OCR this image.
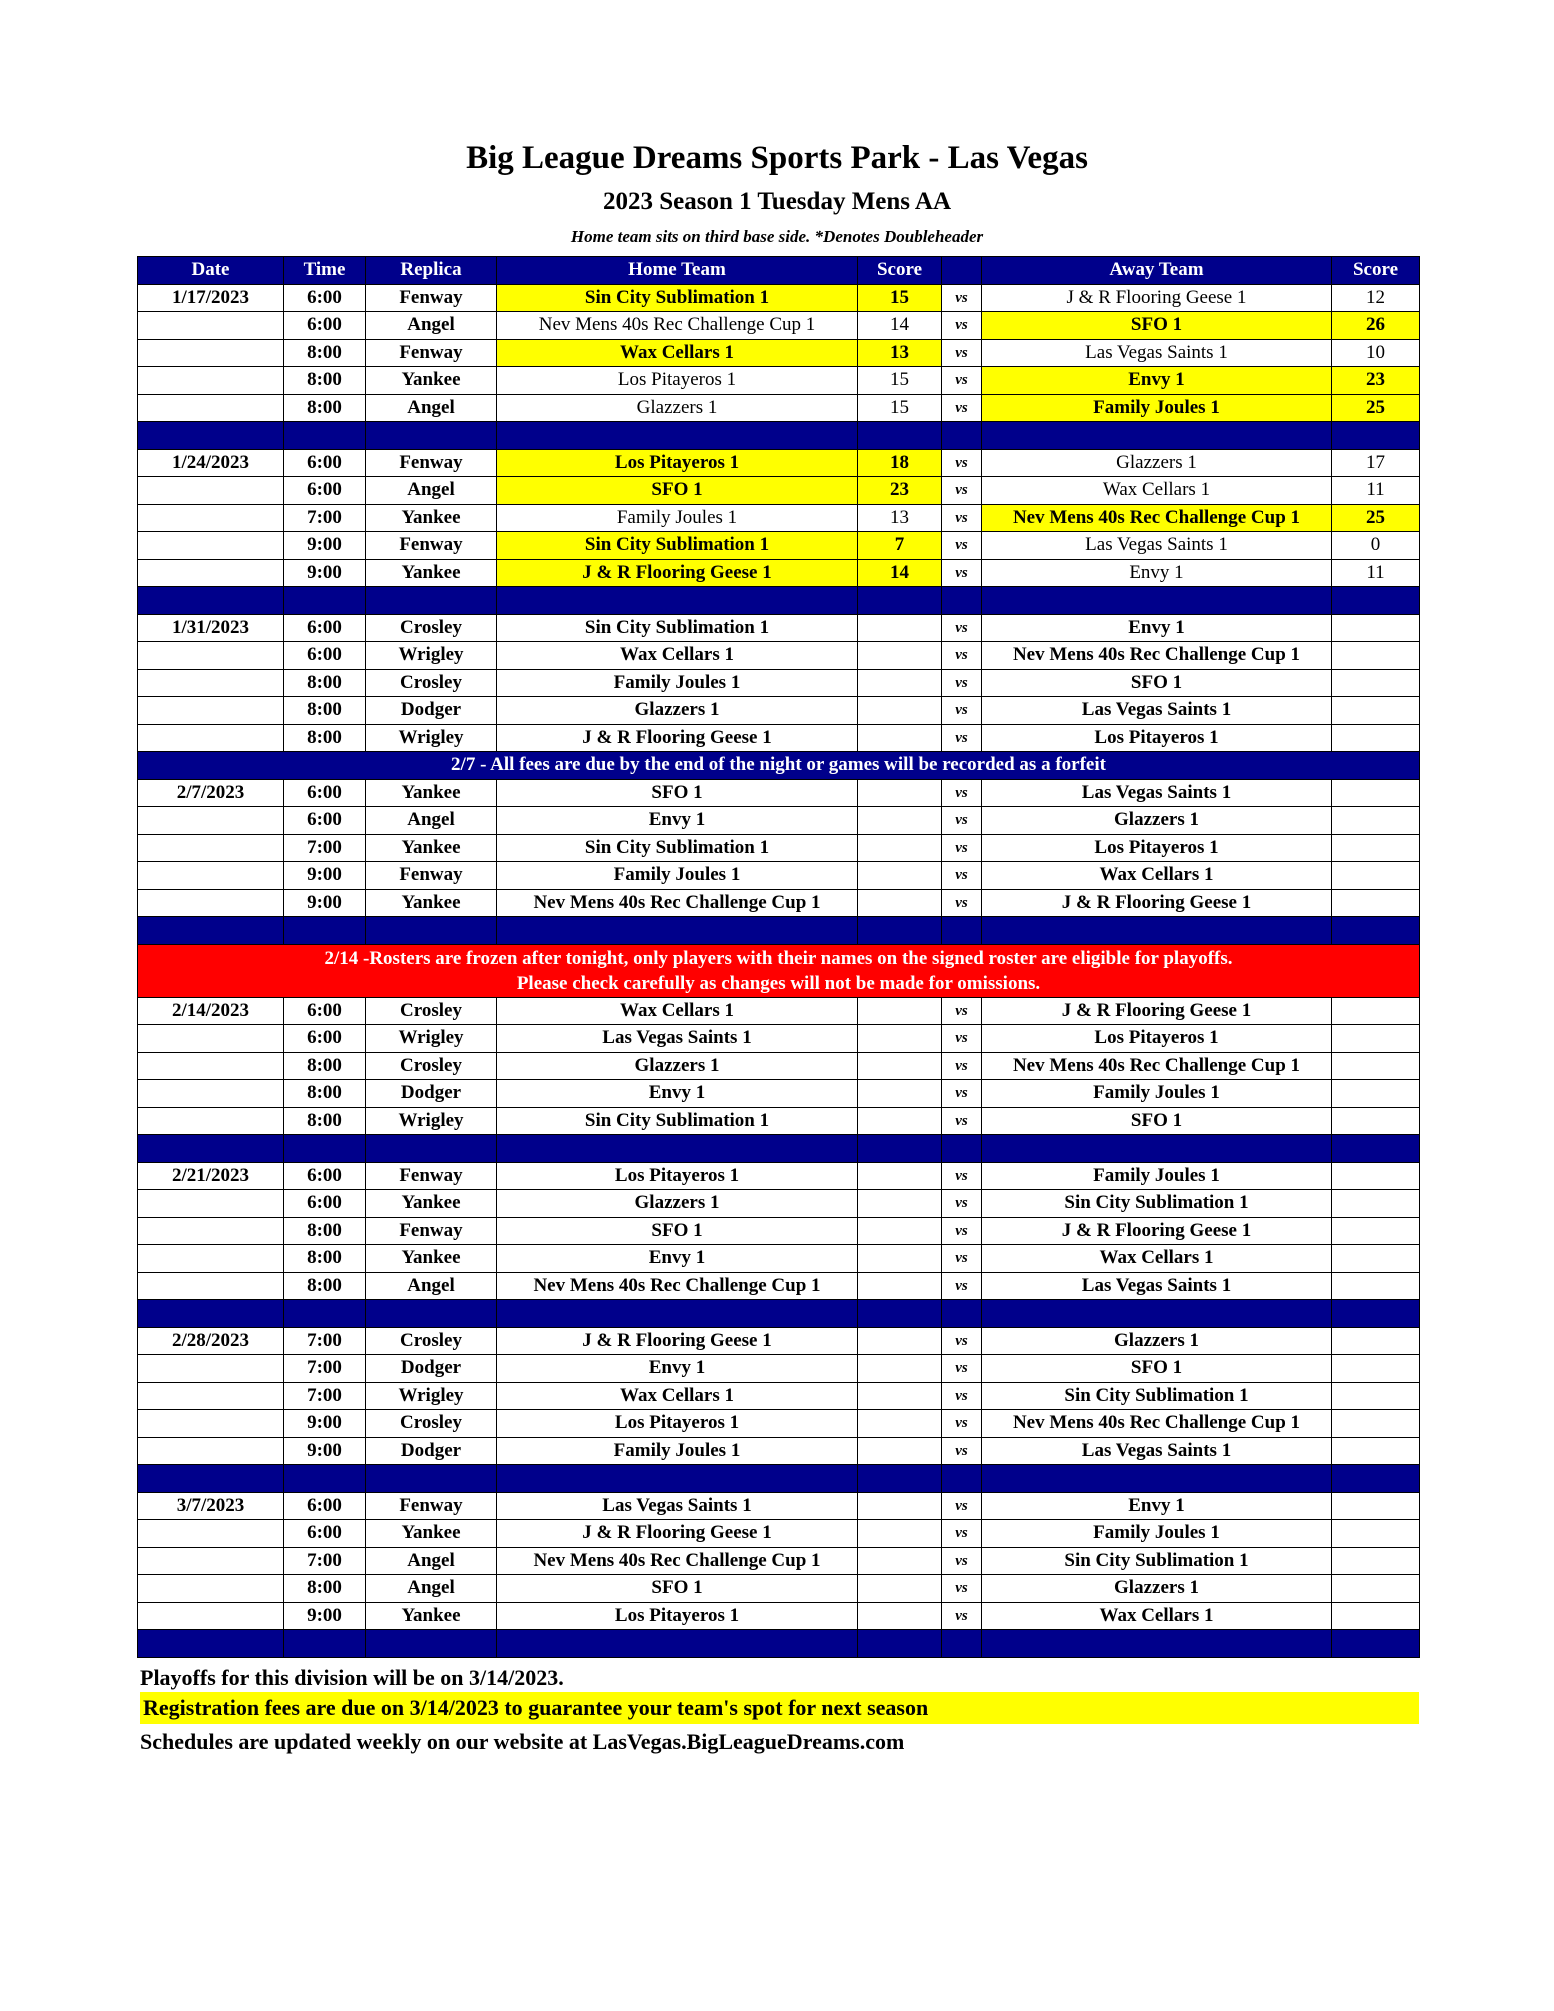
Big League Dreams Sports Park - Las Vegas
2023 Season 1 Tuesday Mens AA
Home team sits on third base side. *Denotes Doubleheader
Date	Time	Replica	Home Team	Score		Away Team	Score
1/17/2023	6:00	Fenway	Sin City Sublimation 1	15	vs	J & R Flooring Geese 1	12
	6:00	Angel	Nev Mens 40s Rec Challenge Cup 1	14	vs	SFO 1	26
	8:00	Fenway	Wax Cellars 1	13	vs	Las Vegas Saints 1	10
	8:00	Yankee	Los Pitayeros 1	15	vs	Envy 1	23
	8:00	Angel	Glazzers 1	15	vs	Family Joules 1	25

1/24/2023	6:00	Fenway	Los Pitayeros 1	18	vs	Glazzers 1	17
	6:00	Angel	SFO 1	23	vs	Wax Cellars 1	11
	7:00	Yankee	Family Joules 1	13	vs	Nev Mens 40s Rec Challenge Cup 1	25
	9:00	Fenway	Sin City Sublimation 1	7	vs	Las Vegas Saints 1	0
	9:00	Yankee	J & R Flooring Geese 1	14	vs	Envy 1	11

1/31/2023	6:00	Crosley	Sin City Sublimation 1		vs	Envy 1	
	6:00	Wrigley	Wax Cellars 1		vs	Nev Mens 40s Rec Challenge Cup 1	
	8:00	Crosley	Family Joules 1		vs	SFO 1	
	8:00	Dodger	Glazzers 1		vs	Las Vegas Saints 1	
	8:00	Wrigley	J & R Flooring Geese 1		vs	Los Pitayeros 1	

2/7 - All fees are due by the end of the night or games will be recorded as a forfeit							

2/7/2023	6:00	Yankee	SFO 1		vs	Las Vegas Saints 1	
	6:00	Angel	Envy 1		vs	Glazzers 1	
	7:00	Yankee	Sin City Sublimation 1		vs	Los Pitayeros 1	
	9:00	Fenway	Family Joules 1		vs	Wax Cellars 1	
	9:00	Yankee	Nev Mens 40s Rec Challenge Cup 1		vs	J & R Flooring Geese 1	

2/14 -Rosters are frozen after tonight, only players with their names on the signed roster are eligible for playoffs.
Please check carefully as changes will not be made for omissions.							

2/14/2023	6:00	Crosley	Wax Cellars 1		vs	J & R Flooring Geese 1	
	6:00	Wrigley	Las Vegas Saints 1		vs	Los Pitayeros 1	
	8:00	Crosley	Glazzers 1		vs	Nev Mens 40s Rec Challenge Cup 1	
	8:00	Dodger	Envy 1		vs	Family Joules 1	
	8:00	Wrigley	Sin City Sublimation 1		vs	SFO 1	

2/21/2023	6:00	Fenway	Los Pitayeros 1		vs	Family Joules 1	
	6:00	Yankee	Glazzers 1		vs	Sin City Sublimation 1	
	8:00	Fenway	SFO 1		vs	J & R Flooring Geese 1	
	8:00	Yankee	Envy 1		vs	Wax Cellars 1	
	8:00	Angel	Nev Mens 40s Rec Challenge Cup 1		vs	Las Vegas Saints 1	

2/28/2023	7:00	Crosley	J & R Flooring Geese 1		vs	Glazzers 1	
	7:00	Dodger	Envy 1		vs	SFO 1	
	7:00	Wrigley	Wax Cellars 1		vs	Sin City Sublimation 1	
	9:00	Crosley	Los Pitayeros 1		vs	Nev Mens 40s Rec Challenge Cup 1	
	9:00	Dodger	Family Joules 1		vs	Las Vegas Saints 1	

3/7/2023	6:00	Fenway	Las Vegas Saints 1		vs	Envy 1	
	6:00	Yankee	J & R Flooring Geese 1		vs	Family Joules 1	
	7:00	Angel	Nev Mens 40s Rec Challenge Cup 1		vs	Sin City Sublimation 1	
	8:00	Angel	SFO 1		vs	Glazzers 1	
	9:00	Yankee	Los Pitayeros 1		vs	Wax Cellars 1	

Playoffs for this division will be on 3/14/2023.
Registration fees are due on 3/14/2023 to guarantee your team's spot for next season
Schedules are updated weekly on our website at LasVegas.BigLeagueDreams.com
